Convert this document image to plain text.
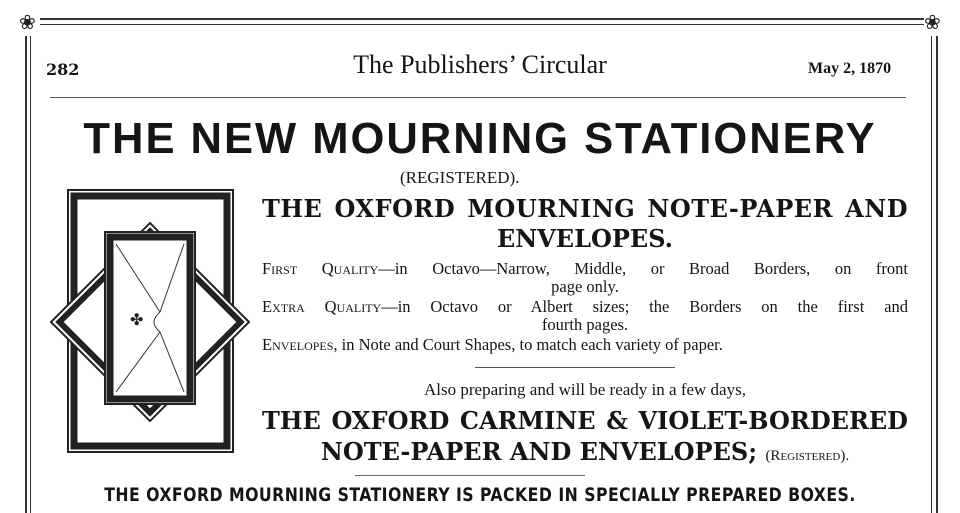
❀	❀
282	The Publishers’ Circular	May 2, 1870
THE NEW MOURNING STATIONERY
(REGISTERED).
✤
THE OXFORD MOURNING NOTE-PAPER AND
ENVELOPES.
First Quality—in Octavo—Narrow, Middle, or Broad Borders, on front
page only.
Extra Quality—in Octavo or Albert sizes; the Borders on the first and
fourth pages.
Envelopes, in Note and Court Shapes, to match each variety of paper.
Also preparing and will be ready in a few days,
THE OXFORD CARMINE & VIOLET-BORDERED
NOTE-PAPER AND ENVELOPES; (Registered).
THE OXFORD MOURNING STATIONERY IS PACKED IN SPECIALLY PREPARED BOXES.
